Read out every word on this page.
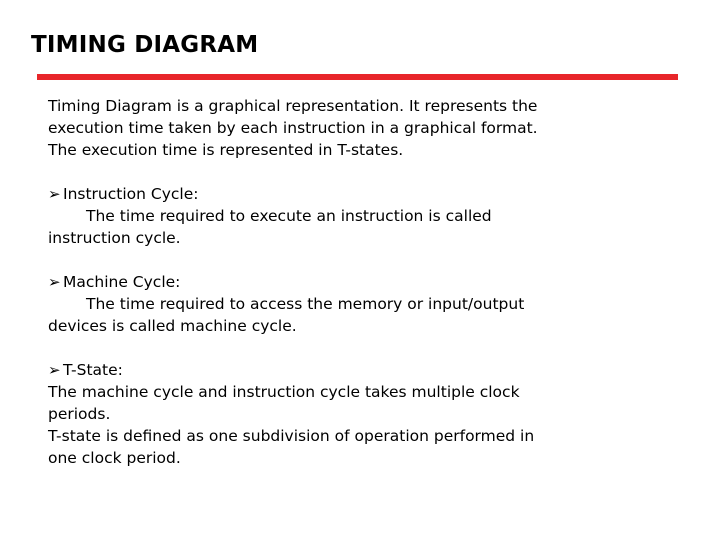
TIMING DIAGRAM

Timing Diagram is a graphical representation. It represents the

execution time taken by each instruction in a graphical format.

The execution time is represented in T-states.

➢ Instruction Cycle:

The time required to execute an instruction is called

instruction cycle.

➢ Machine Cycle:

The time required to access the memory or input/output

devices is called machine cycle.

➢ T-State:

The machine cycle and instruction cycle takes multiple clock

periods.

T-state is defined as one subdivision of operation performed in

one clock period.
